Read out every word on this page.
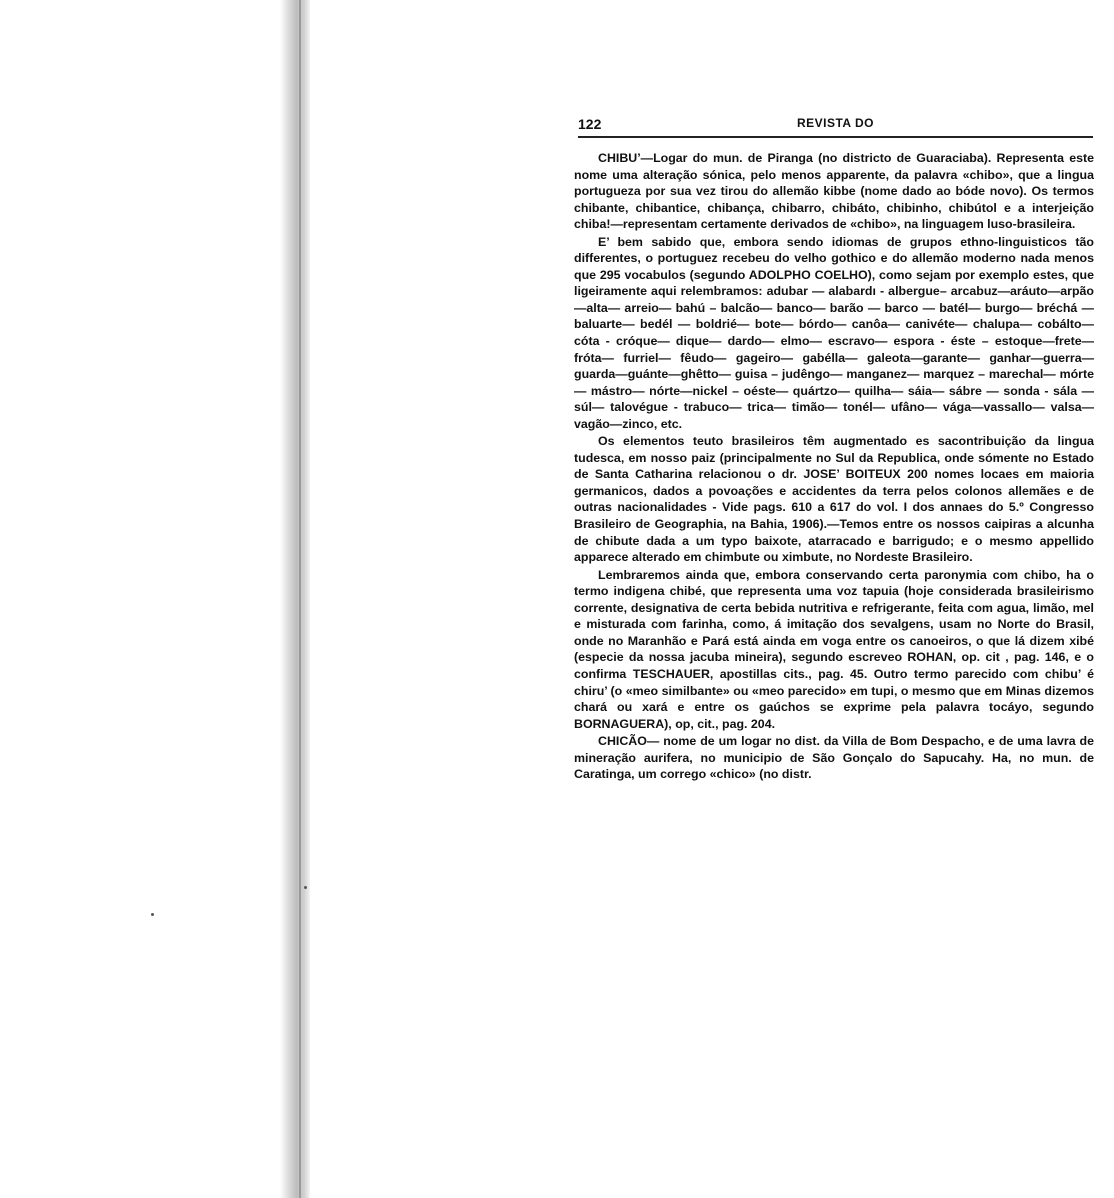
122	REVISTA DO

CHIBU’—Logar do mun. de Piranga (no districto de Guaraciaba). Representa este nome uma alteração sónica, pelo menos apparente, da palavra «chibo», que a lingua portugueza por sua vez tirou do allemão kibbe (nome dado ao bóde novo). Os termos chibante, chibantice, chibança, chibarro, chibáto, chibinho, chibútol e a interjeição chiba!—representam certamente derivados de «chibo», na linguagem luso-brasileira.

E’ bem sabido que, embora sendo idiomas de grupos ethno-linguisticos tão differentes, o portuguez recebeu do velho gothico e do allemão moderno nada menos que 295 vocabulos (segundo ADOLPHO COELHO), como sejam por exemplo estes, que ligeiramente aqui relembramos: adubar — alabardı - albergue– arcabuz—aráuto—arpão—alta— arreio— bahú – balcão— banco— barão — barco — batél— burgo— bréchá — baluarte— bedél — boldrié— bote— bórdo— canôa— canivéte— chalupa— cobálto— cóta - cróque— dique— dardo— elmo— escravo— espora - éste – estoque—frete— fróta— furriel— fêudo— gageiro— gabélla— galeota—garante— ganhar—guerra— guarda—guánte—ghêtto— guisa – judêngo— manganez— marquez – marechal— mórte— mástro— nórte—nickel – oéste— quártzo— quilha— sáia— sábre — sonda - sála — súl— talovégue - trabuco— trica— timão— tonél— ufâno— vága—vassallo— valsa— vagão—zinco, etc.

Os elementos teuto brasileiros têm augmentado es sacontribuição da lingua tudesca, em nosso paiz (principalmente no Sul da Republica, onde sómente no Estado de Santa Catharina relacionou o dr. JOSE’ BOITEUX 200 nomes locaes em maioria germanicos, dados a povoações e accidentes da terra pelos colonos allemães e de outras nacionalidades - Vide pags. 610 a 617 do vol. I dos annaes do 5.º Congresso Brasileiro de Geographia, na Bahia, 1906).—Temos entre os nossos caipiras a alcunha de chibute dada a um typo baixote, atarracado e barrigudo; e o mesmo appellido apparece alterado em chimbute ou ximbute, no Nordeste Brasileiro.

Lembraremos ainda que, embora conservando certa paronymia com chibo, ha o termo indigena chibé, que representa uma voz tapuia (hoje considerada brasileirismo corrente, designativa de certa bebida nutritiva e refrigerante, feita com agua, limão, mel e misturada com farinha, como, á imitação dos sevalgens, usam no Norte do Brasil, onde no Maranhão e Pará está ainda em voga entre os canoeiros, o que lá dizem xibé (especie da nossa jacuba mineira), segundo escreveo ROHAN, op. cit , pag. 146, e o confirma TESCHAUER, apostillas cits., pag. 45. Outro termo parecido com chibu’ é chiru’ (o «meo similbante» ou «meo parecido» em tupi, o mesmo que em Minas dizemos chará ou xará e entre os gaúchos se exprime pela palavra tocáyo, segundo BORNAGUERA), op, cit., pag. 204.

CHICÃO— nome de um logar no dist. da Villa de Bom Despacho, e de uma lavra de mineração aurifera, no municipio de São Gonçalo do Sapucahy. Ha, no mun. de Caratinga, um corrego «chico» (no distr.
